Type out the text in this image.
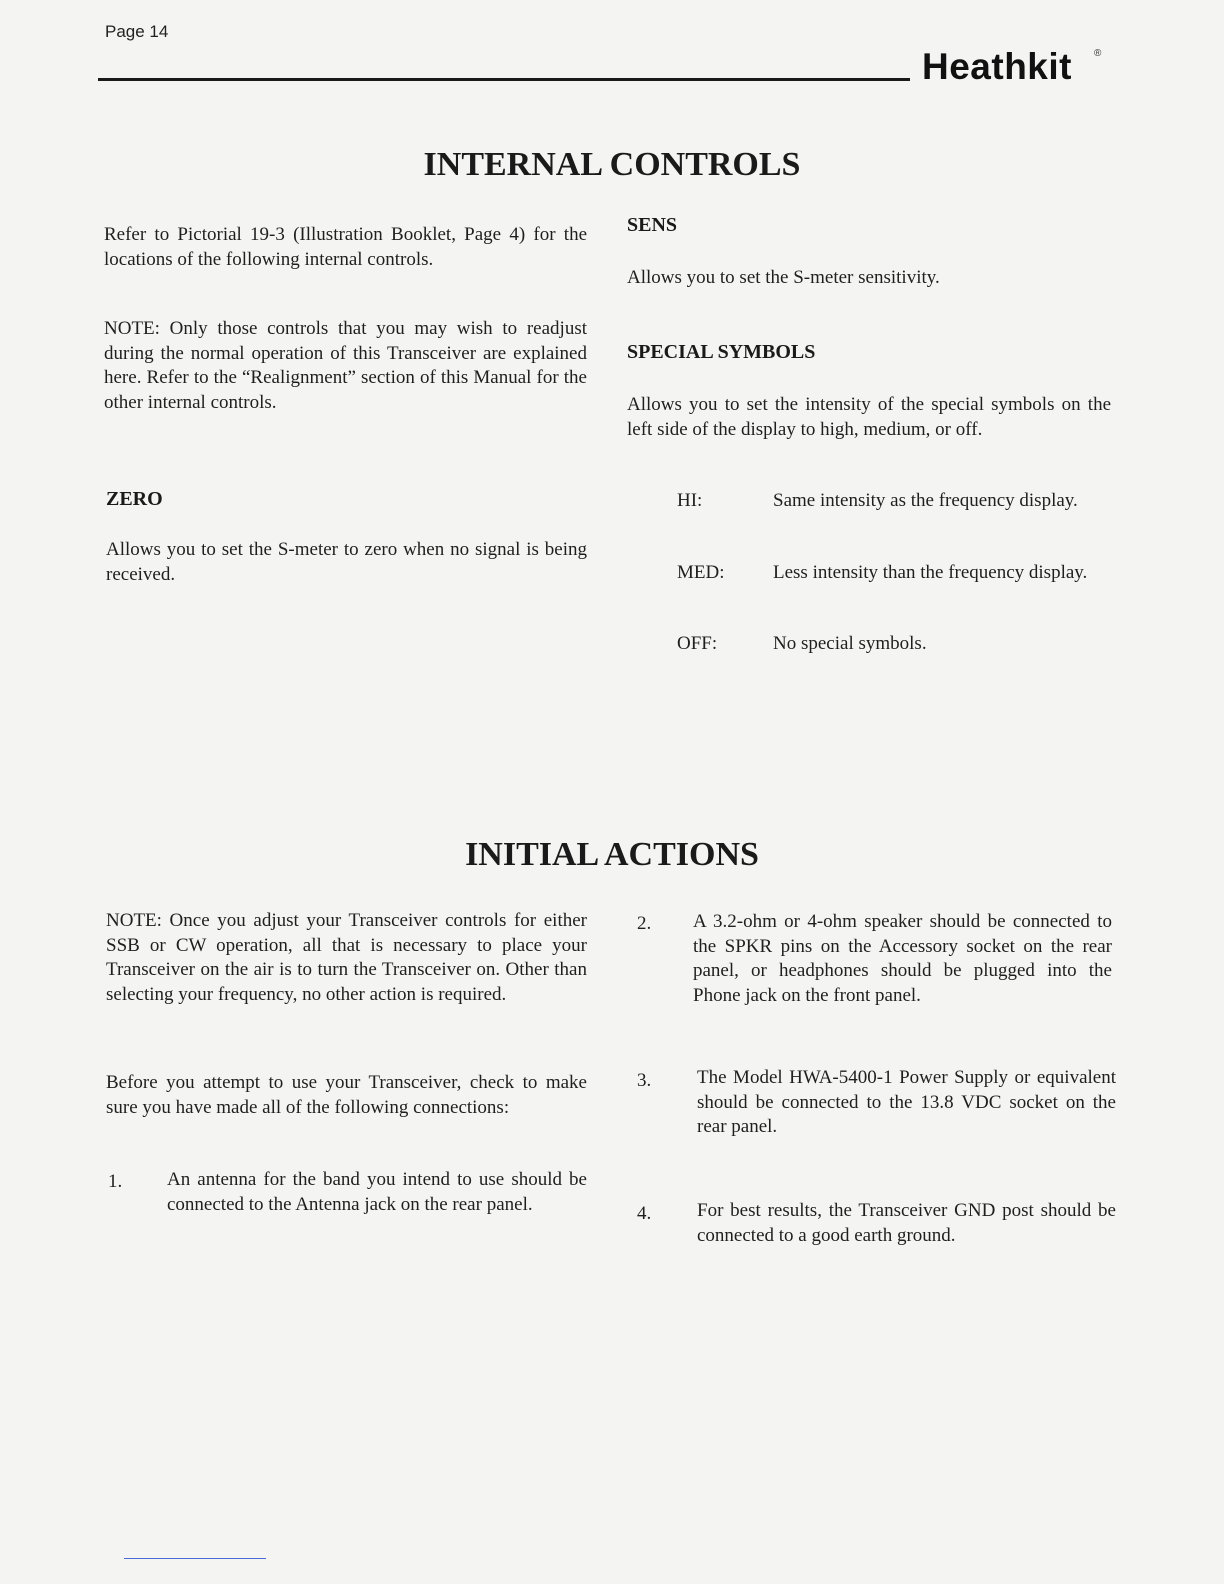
Page 14
Heathkit ®
INTERNAL CONTROLS

Refer to Pictorial 19-3 (Illustration Booklet, Page 4) for the locations of the following internal controls.

NOTE: Only those controls that you may wish to readjust during the normal operation of this Transceiver are explained here. Refer to the “Realignment” section of this Manual for the other internal controls.

ZERO

Allows you to set the S-meter to zero when no signal is being received.

SENS

Allows you to set the S-meter sensitivity.

SPECIAL SYMBOLS

Allows you to set the intensity of the special symbols on the left side of the display to high, medium, or off.

HI:	Same intensity as the frequency display.

MED:	Less intensity than the frequency display.

OFF:	No special symbols.

INITIAL ACTIONS

NOTE: Once you adjust your Transceiver controls for either SSB or CW operation, all that is necessary to place your Transceiver on the air is to turn the Transceiver on. Other than selecting your frequency, no other action is required.

Before you attempt to use your Transceiver, check to make sure you have made all of the following connections:

1. An antenna for the band you intend to use should be connected to the Antenna jack on the rear panel.

2. A 3.2-ohm or 4-ohm speaker should be connected to the SPKR pins on the Accessory socket on the rear panel, or headphones should be plugged into the Phone jack on the front panel.

3. The Model HWA-5400-1 Power Supply or equivalent should be connected to the 13.8 VDC socket on the rear panel.

4. For best results, the Transceiver GND post should be connected to a good earth ground.
